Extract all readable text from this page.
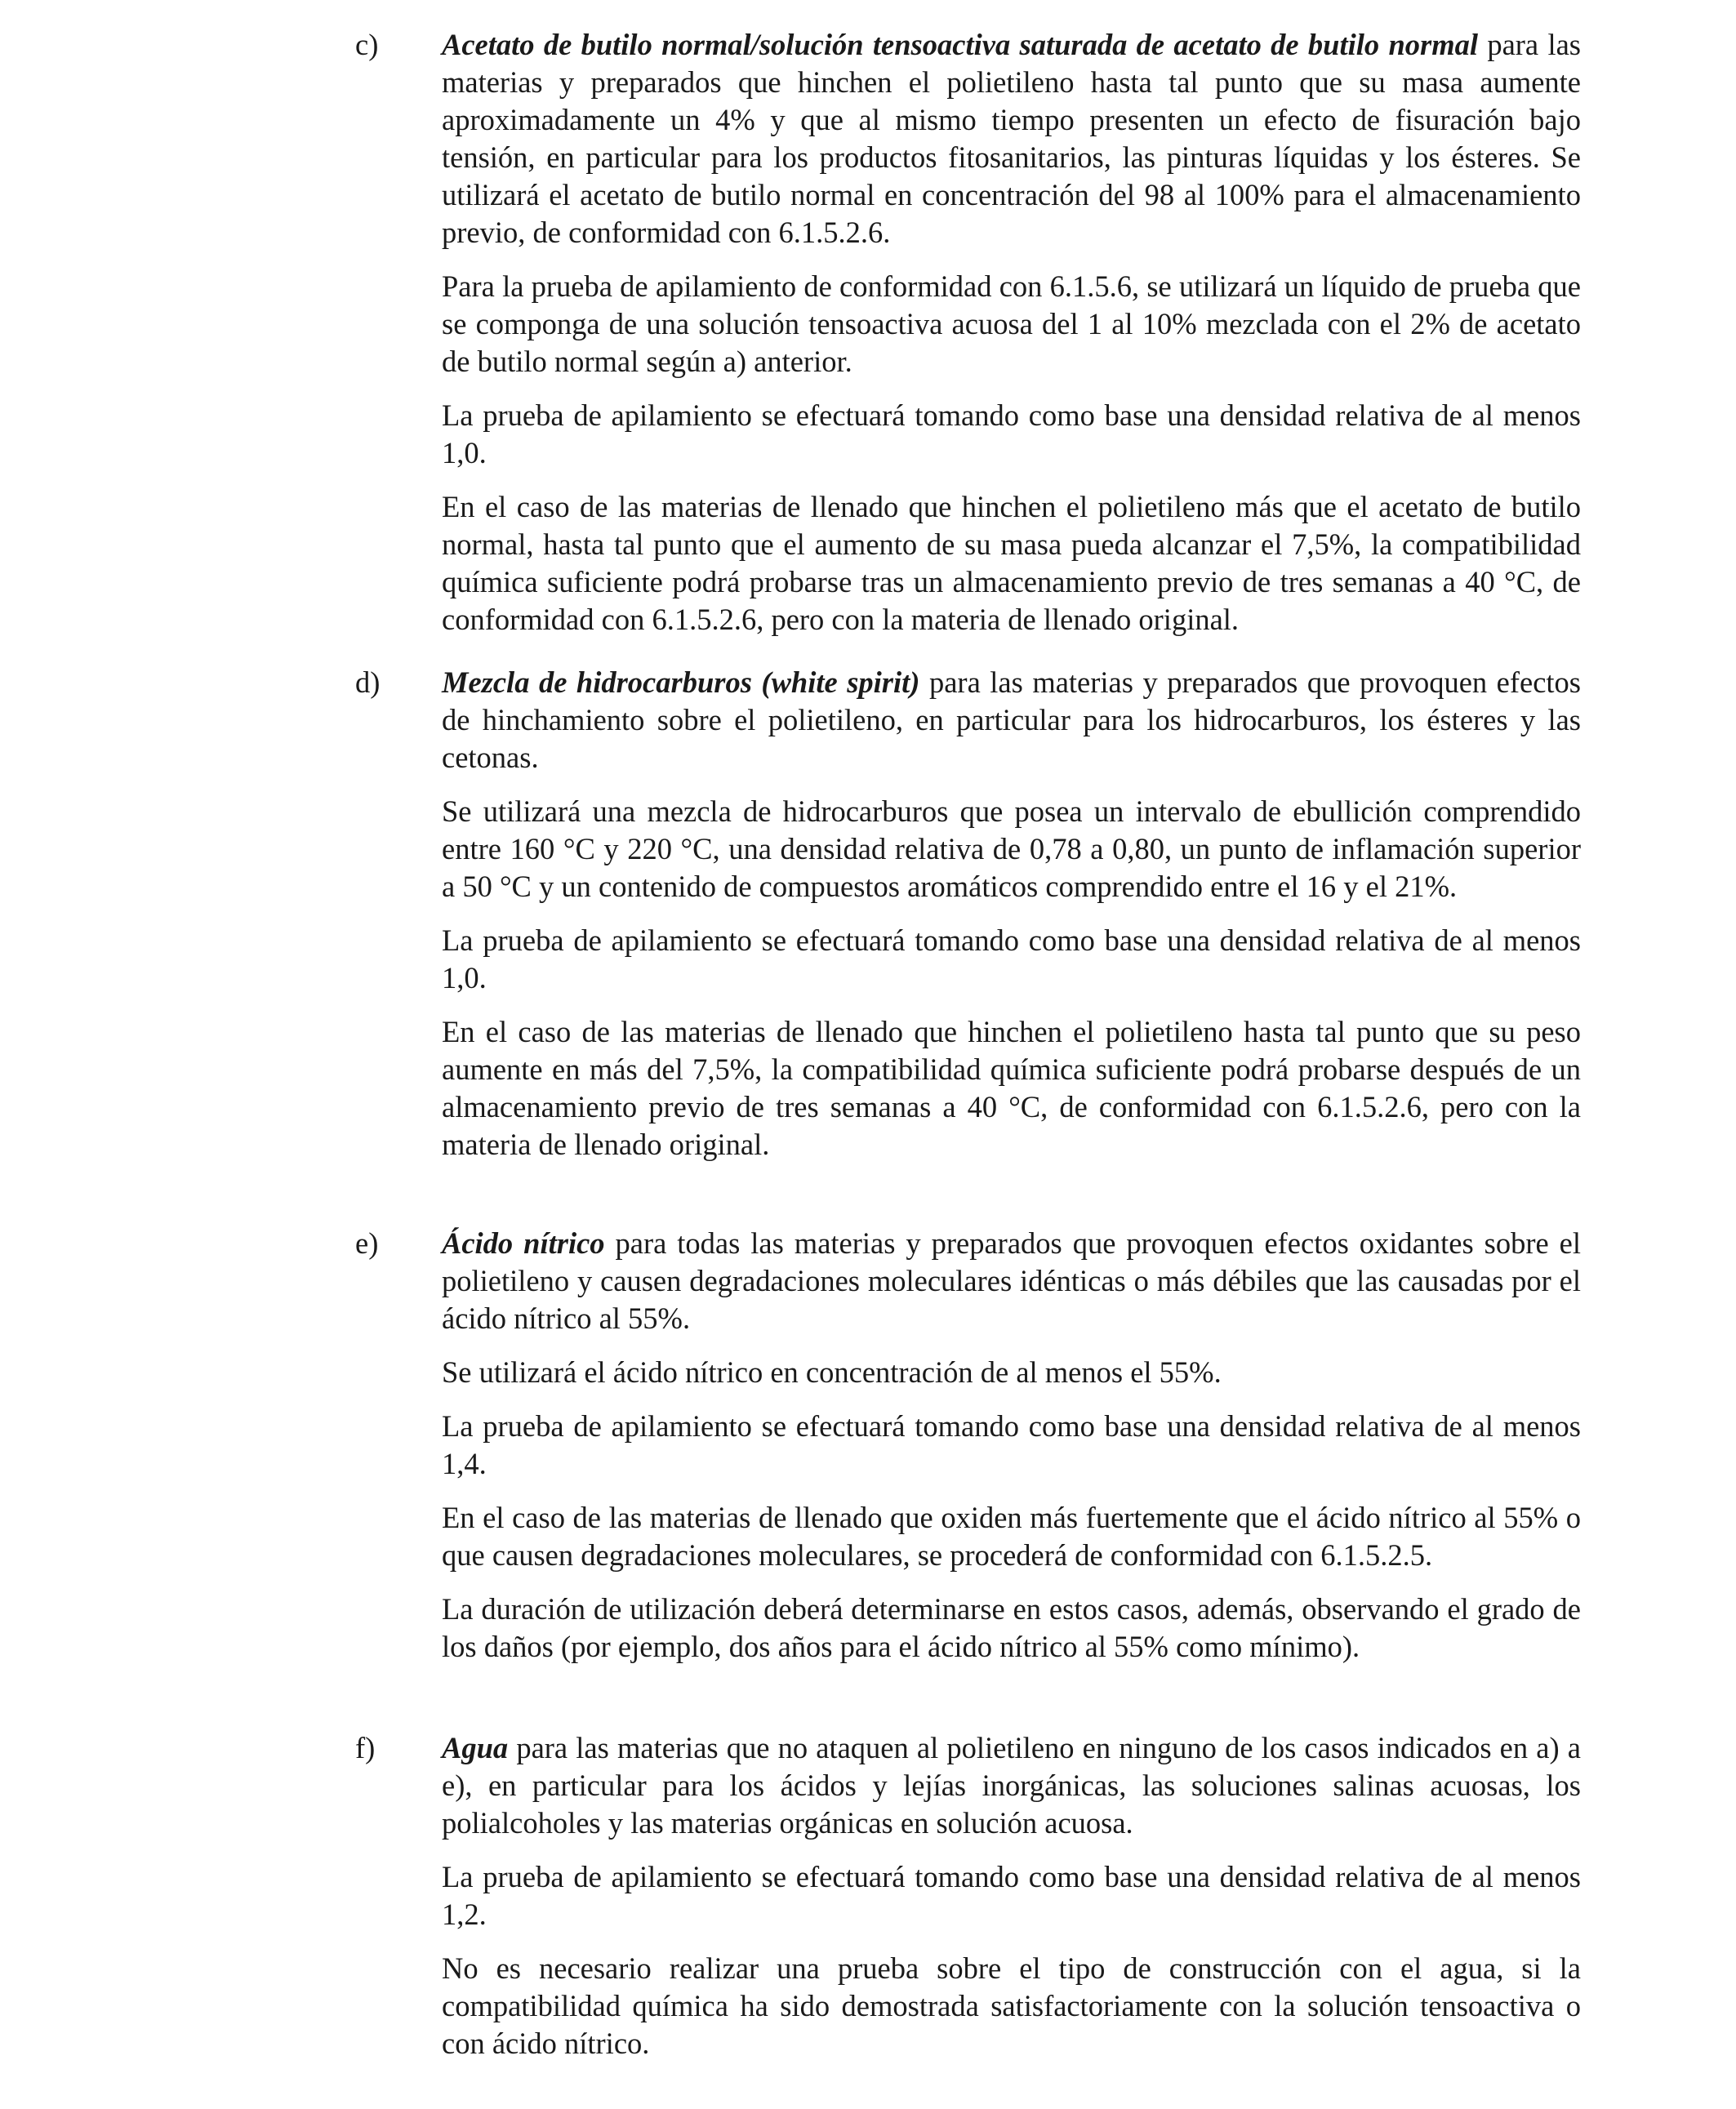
c)	Acetato de butilo normal/solución tensoactiva saturada de acetato de butilo normal para las materias y preparados que hinchen el polietileno hasta tal punto que su masa aumente aproximadamente un 4% y que al mismo tiempo presenten un efecto de fisuración bajo tensión, en particular para los productos fitosanitarios, las pinturas líquidas y los ésteres. Se utilizará el acetato de butilo normal en concentración del 98 al 100% para el almacenamiento previo, de conformidad con 6.1.5.2.6.

Para la prueba de apilamiento de conformidad con 6.1.5.6, se utilizará un líquido de prueba que se componga de una solución tensoactiva acuosa del 1 al 10% mezclada con el 2% de acetato de butilo normal según a) anterior.

La prueba de apilamiento se efectuará tomando como base una densidad relativa de al menos 1,0.

En el caso de las materias de llenado que hinchen el polietileno más que el acetato de butilo normal, hasta tal punto que el aumento de su masa pueda alcanzar el 7,5%, la compatibilidad química suficiente podrá probarse tras un almacenamiento previo de tres semanas a 40 °C, de conformidad con 6.1.5.2.6, pero con la materia de llenado original.

d)	Mezcla de hidrocarburos (white spirit) para las materias y preparados que provoquen efectos de hinchamiento sobre el polietileno, en particular para los hidrocarburos, los ésteres y las cetonas.

Se utilizará una mezcla de hidrocarburos que posea un intervalo de ebullición comprendido entre 160 °C y 220 °C, una densidad relativa de 0,78 a 0,80, un punto de inflamación superior a 50 °C y un contenido de compuestos aromáticos comprendido entre el 16 y el 21%.

La prueba de apilamiento se efectuará tomando como base una densidad relativa de al menos 1,0.

En el caso de las materias de llenado que hinchen el polietileno hasta tal punto que su peso aumente en más del 7,5%, la compatibilidad química suficiente podrá probarse después de un almacenamiento previo de tres semanas a 40 °C, de conformidad con 6.1.5.2.6, pero con la materia de llenado original.

e)	Ácido nítrico para todas las materias y preparados que provoquen efectos oxidantes sobre el polietileno y causen degradaciones moleculares idénticas o más débiles que las causadas por el ácido nítrico al 55%.

Se utilizará el ácido nítrico en concentración de al menos el 55%.

La prueba de apilamiento se efectuará tomando como base una densidad relativa de al menos 1,4.

En el caso de las materias de llenado que oxiden más fuertemente que el ácido nítrico al 55% o que causen degradaciones moleculares, se procederá de conformidad con 6.1.5.2.5.

La duración de utilización deberá determinarse en estos casos, además, observando el grado de los daños (por ejemplo, dos años para el ácido nítrico al 55% como mínimo).

f)	Agua para las materias que no ataquen al polietileno en ninguno de los casos indicados en a) a e), en particular para los ácidos y lejías inorgánicas, las soluciones salinas acuosas, los polialcoholes y las materias orgánicas en solución acuosa.

La prueba de apilamiento se efectuará tomando como base una densidad relativa de al menos 1,2.

No es necesario realizar una prueba sobre el tipo de construcción con el agua, si la compatibilidad química ha sido demostrada satisfactoriamente con la solución tensoactiva o con ácido nítrico.
